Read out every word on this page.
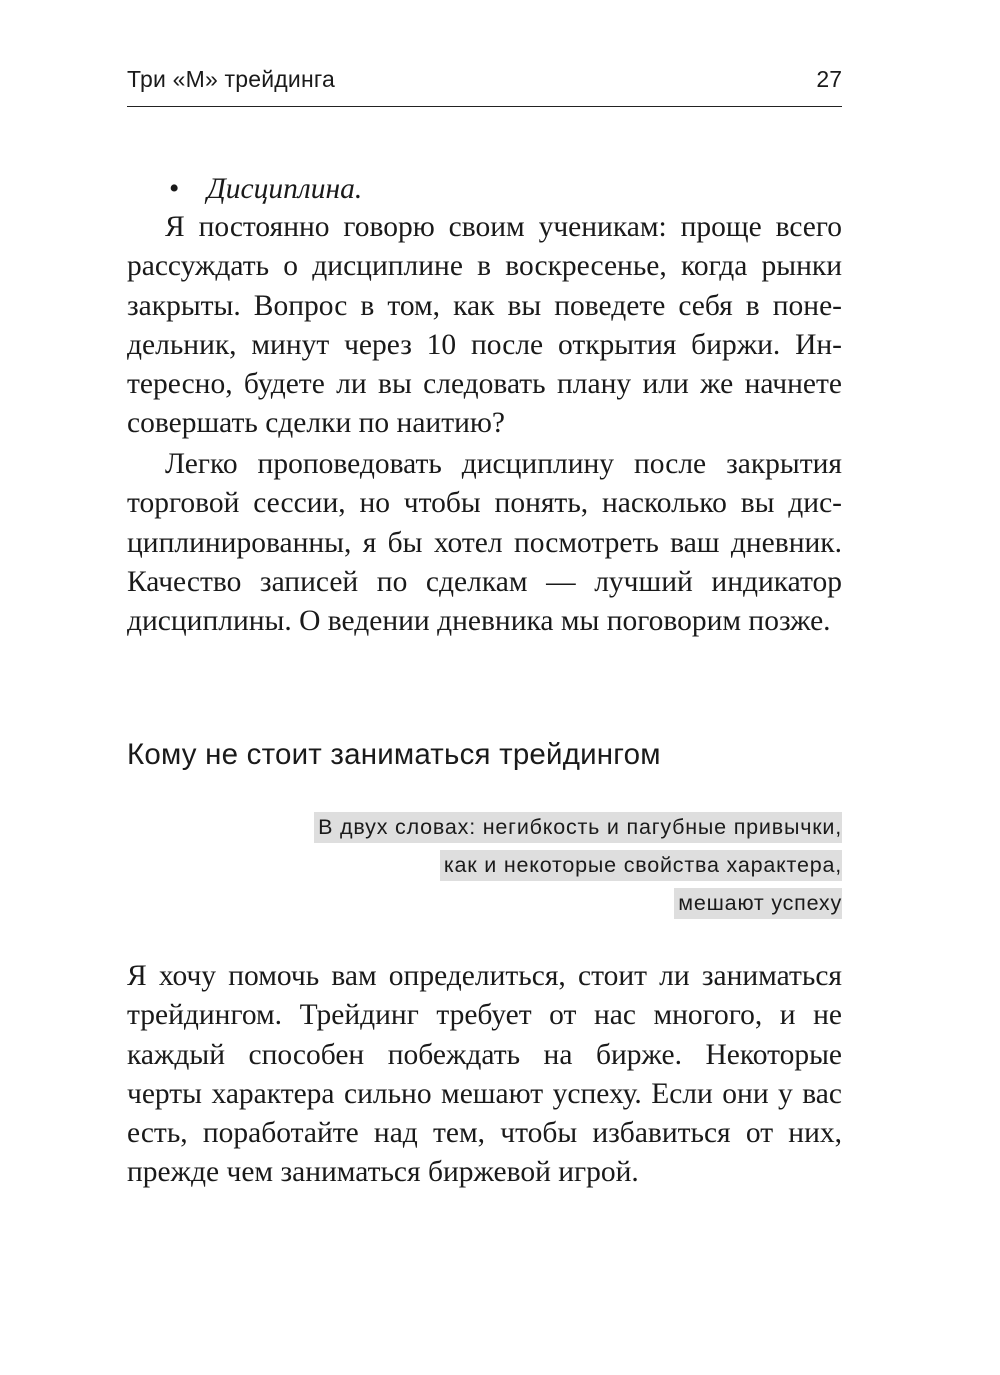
Три «М» трейдинга	27
• Дисциплина.

Я постоянно говорю своим ученикам: проще всего рассуждать о дисциплине в воскресенье, когда рынки закрыты. Вопрос в том, как вы поведете себя в понедельник, минут через 10 после открытия биржи. Интересно, будете ли вы следовать плану или же начнете совершать сделки по наитию?

Легко проповедовать дисциплину после закрытия торговой сессии, но чтобы понять, насколько вы дисциплинированны, я бы хотел посмотреть ваш дневник. Качество записей по сделкам — лучший индикатор дисциплины. О ведении дневника мы поговорим позже.

Кому не стоит заниматься трейдингом
В двух словах: негибкость и пагубные привычки,
как и некоторые свойства характера,
мешают успеху

Я хочу помочь вам определиться, стоит ли заниматься трейдингом. Трейдинг требует от нас многого, и не каждый способен побеждать на бирже. Некоторые черты характера сильно мешают успеху. Если они у вас есть, поработайте над тем, чтобы избавиться от них, прежде чем заниматься биржевой игрой.
